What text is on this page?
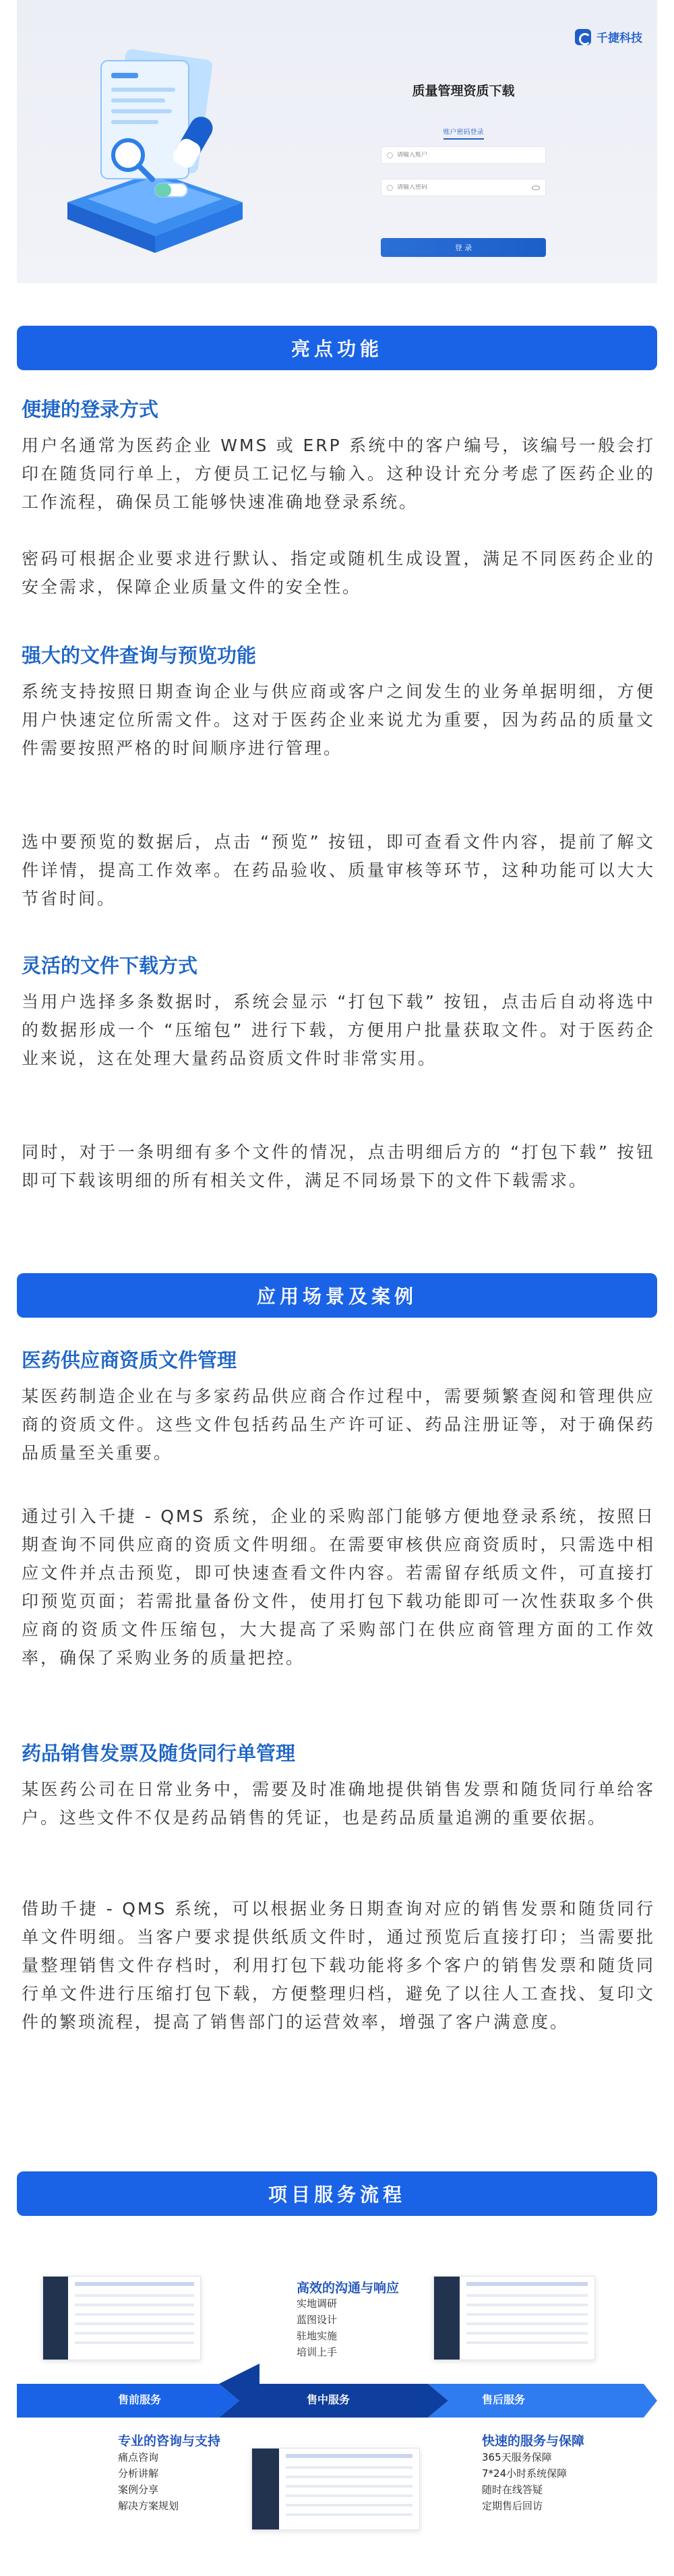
千捷科技
质量管理资质下载
账户密码登录
请输入账户
登 录
亮点功能
便捷的登录方式
用户名通常为医药企业 WMS 或 ERP 系统中的客户编号，该编号一般会打印在随货同行单上，方便员工记忆与输入。这种设计充分考虑了医药企业的工作流程，确保员工能够快速准确地登录系统。
密码可根据企业要求进行默认、指定或随机生成设置，满足不同医药企业的安全需求，保障企业质量文件的安全性。
强大的文件查询与预览功能
系统支持按照日期查询企业与供应商或客户之间发生的业务单据明细，方便用户快速定位所需文件。这对于医药企业来说尤为重要，因为药品的质量文件需要按照严格的时间顺序进行管理。
选中要预览的数据后，点击 “预览” 按钮，即可查看文件内容，提前了解文件详情，提高工作效率。在药品验收、质量审核等环节，这种功能可以大大节省时间。
灵活的文件下载方式
当用户选择多条数据时，系统会显示 “打包下载” 按钮，点击后自动将选中的数据形成一个 “压缩包” 进行下载，方便用户批量获取文件。对于医药企业来说，这在处理大量药品资质文件时非常实用。
同时，对于一条明细有多个文件的情况，点击明细后方的 “打包下载” 按钮即可下载该明细的所有相关文件，满足不同场景下的文件下载需求。
应用场景及案例
医药供应商资质文件管理
某医药制造企业在与多家药品供应商合作过程中，需要频繁查阅和管理供应商的资质文件。这些文件包括药品生产许可证、药品注册证等，对于确保药品质量至关重要。
通过引入千捷 - QMS 系统，企业的采购部门能够方便地登录系统，按照日期查询不同供应商的资质文件明细。在需要审核供应商资质时，只需选中相应文件并点击预览，即可快速查看文件内容。若需留存纸质文件，可直接打印预览页面；若需批量备份文件，使用打包下载功能即可一次性获取多个供应商的资质文件压缩包，大大提高了采购部门在供应商管理方面的工作效率，确保了采购业务的质量把控。
药品销售发票及随货同行单管理
某医药公司在日常业务中，需要及时准确地提供销售发票和随货同行单给客户。这些文件不仅是药品销售的凭证，也是药品质量追溯的重要依据。
借助千捷 - QMS 系统，可以根据业务日期查询对应的销售发票和随货同行单文件明细。当客户要求提供纸质文件时，通过预览后直接打印；当需要批量整理销售文件存档时，利用打包下载功能将多个客户的销售发票和随货同行单文件进行压缩打包下载，方便整理归档，避免了以往人工查找、复印文件的繁琐流程，提高了销售部门的运营效率，增强了客户满意度。
项目服务流程
高效的沟通与响应
实地调研
蓝图设计
驻地实施
培训上手
售前服务	售中服务	售后服务
专业的咨询与支持
痛点咨询
分析讲解
案例分享
解决方案规划
快速的服务与保障
365天服务保障
7*24小时系统保障
随时在线答疑
定期售后回访
